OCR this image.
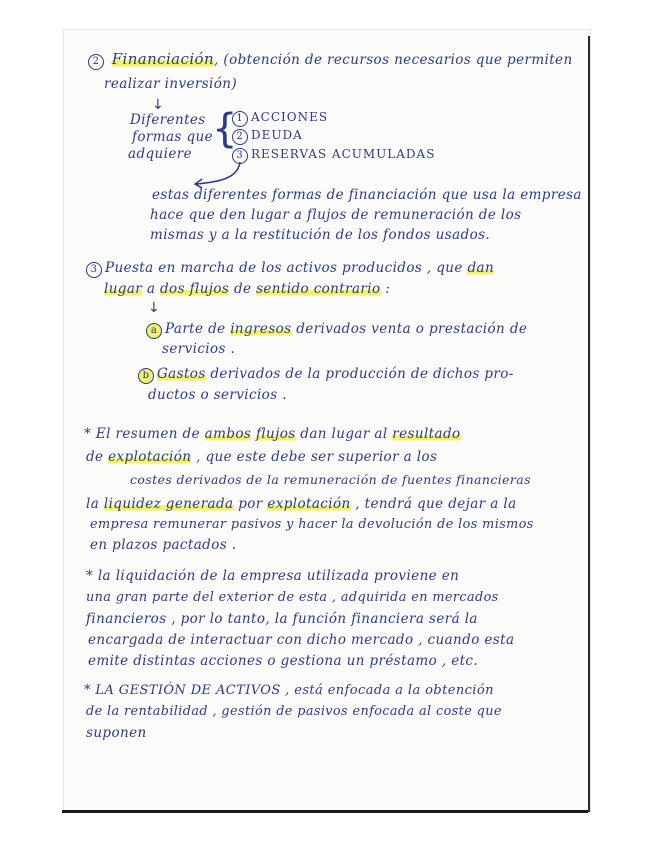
2 Financiación, (obtención de recursos necesarios que permiten
realizar inversión)
↓
Diferentes
formas que
adquiere
{
1 ACCIONES
2 DEUDA
3 RESERVAS ACUMULADAS
estas diferentes formas de financiación que usa la empresa
hace que den lugar a flujos de remuneración de los
mismas y a la restitución de los fondos usados.
3 Puesta en marcha de los activos producidos , que dan
lugar a dos flujos de sentido contrario :
↓
a Parte de ingresos derivados venta o prestación de
servicios .
b Gastos derivados de la producción de dichos pro-
ductos o servicios .
* El resumen de ambos flujos dan lugar al resultado
de explotación , que este debe ser superior a los
costes derivados de la remuneración de fuentes financieras
la liquidez generada por explotación , tendrá que dejar a la
empresa remunerar pasivos y hacer la devolución de los mismos
en plazos pactados .
* la liquidación de la empresa utilizada proviene en
una gran parte del exterior de esta , adquirida en mercados
financieros , por lo tanto, la función financiera será la
encargada de interactuar con dicho mercado , cuando esta
emite distintas acciones o gestiona un préstamo , etc.
* LA GESTIÓN DE ACTIVOS , está enfocada a la obtención
de la rentabilidad , gestión de pasivos enfocada al coste que
suponen
